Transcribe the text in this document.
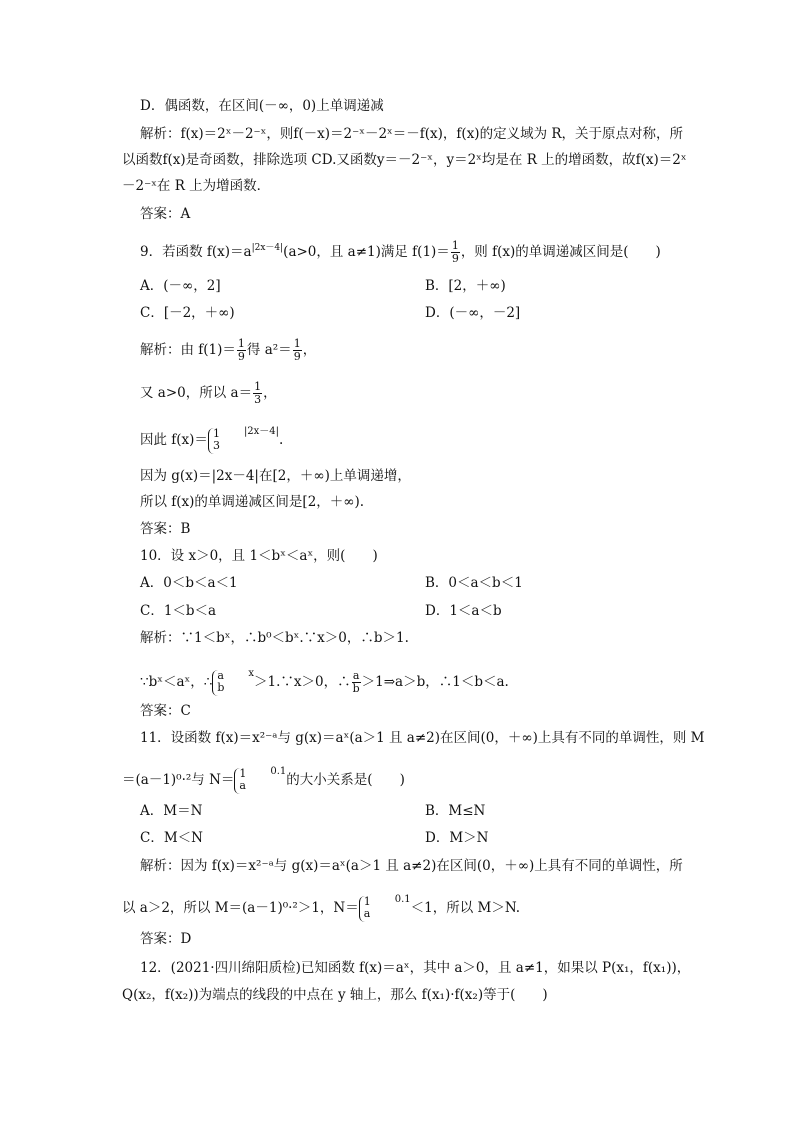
D．偶函数，在区间(－∞，0)上单调递减
解析：f(x)＝2ˣ－2⁻ˣ，则f(－x)＝2⁻ˣ－2ˣ＝－f(x)，f(x)的定义域为 R，关于原点对称，所
以函数f(x)是奇函数，排除选项 CD.又函数y＝－2⁻ˣ，y＝2ˣ均是在 R 上的增函数，故f(x)＝2ˣ
－2⁻ˣ在 R 上为增函数．
答案：A
9．若函数 $f(x)=a^{|2x-4|}(a>0$，且 a≠1)满足 $f(1)= \frac{1}{9}$ ，则 f(x)的单调递减区间是(　　)
A．(－∞，2]	B．[2，＋∞)
C．[－2，＋∞)	D．(－∞，－2]
解析：由 $f(1)= \frac{1}{9}$ 得 $a^2= \frac{1}{9}$ ，
又 a>0，所以 $a= \frac{1}{3}$ ，
因此 f(x)＝ 1
3
$^{|2x-4|}$.
因为 g(x)＝|2x－4|在[2，＋∞)上单调递增，
所以 f(x)的单调递减区间是[2，＋∞).
答案：B
10．设 x＞0，且 1＜bˣ＜aˣ，则(　　)
A．0＜b＜a＜1	B．0＜a＜b＜1
C．1＜b＜a	D．1＜a＜b
解析：∵1＜bˣ，∴b⁰＜bˣ.∵x＞0，∴b＞1.
∵bˣ＜aˣ，∴ a
b
$^x$＞1.∵x＞0，∴ $\frac{a}{b}$ ＞1⇒a＞b，∴1＜b＜a.
答案：C
11．设函数 f(x)＝x²⁻ᵃ与 g(x)＝aˣ(a＞1 且 a≠2)在区间(0，＋∞)上具有不同的单调性，则 M
＝(a－1)⁰·²与 N＝ 1
a
$^{0.1}$的大小关系是(　　)
A．M＝N	B．M≤N
C．M＜N	D．M＞N
解析：因为 f(x)＝x²⁻ᵃ与 g(x)＝aˣ(a＞1 且 a≠2)在区间(0，＋∞)上具有不同的单调性，所
以 a＞2，所以 M＝(a－1)⁰·²＞1，N＝ 1
a
$^{0.1}$＜1，所以 M＞N.
答案：D
12．(2021·四川绵阳质检)已知函数 f(x)＝aˣ，其中 a＞0，且 a≠1，如果以 P(x₁，f(x₁))，
Q(x₂，f(x₂))为端点的线段的中点在 y 轴上，那么 f(x₁)·f(x₂)等于(　　)
